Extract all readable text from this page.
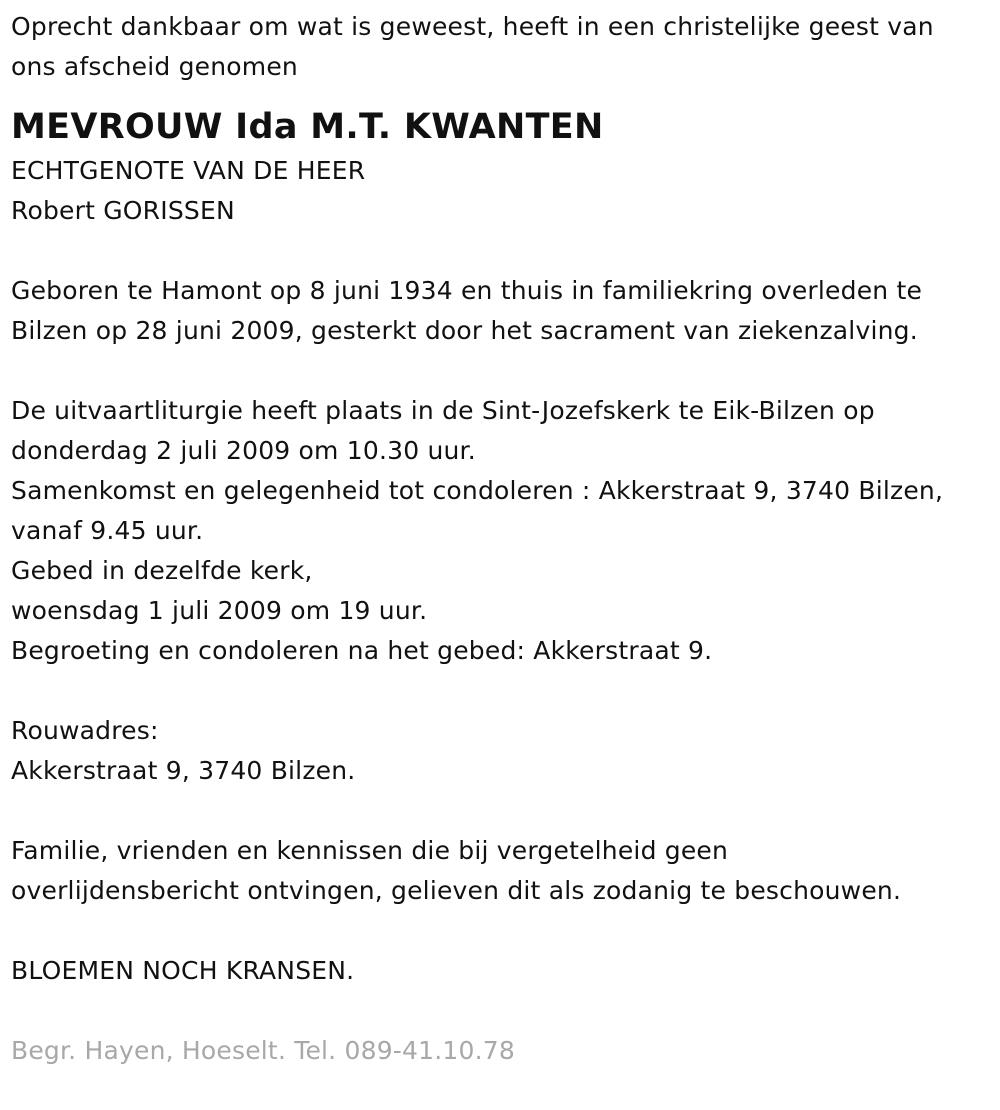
Oprecht dankbaar om wat is geweest, heeft in een christelijke geest van
ons afscheid genomen
MEVROUW Ida M.T. KWANTEN
ECHTGENOTE VAN DE HEER
Robert GORISSEN
Geboren te Hamont op 8 juni 1934 en thuis in familiekring overleden te
Bilzen op 28 juni 2009, gesterkt door het sacrament van ziekenzalving.
De uitvaartliturgie heeft plaats in de Sint-Jozefskerk te Eik-Bilzen op
donderdag 2 juli 2009 om 10.30 uur.
Samenkomst en gelegenheid tot condoleren : Akkerstraat 9, 3740 Bilzen,
vanaf 9.45 uur.
Gebed in dezelfde kerk,
woensdag 1 juli 2009 om 19 uur.
Begroeting en condoleren na het gebed: Akkerstraat 9.
Rouwadres:
Akkerstraat 9, 3740 Bilzen.
Familie, vrienden en kennissen die bij vergetelheid geen
overlijdensbericht ontvingen, gelieven dit als zodanig te beschouwen.
BLOEMEN NOCH KRANSEN.
Begr. Hayen, Hoeselt. Tel. 089-41.10.78
